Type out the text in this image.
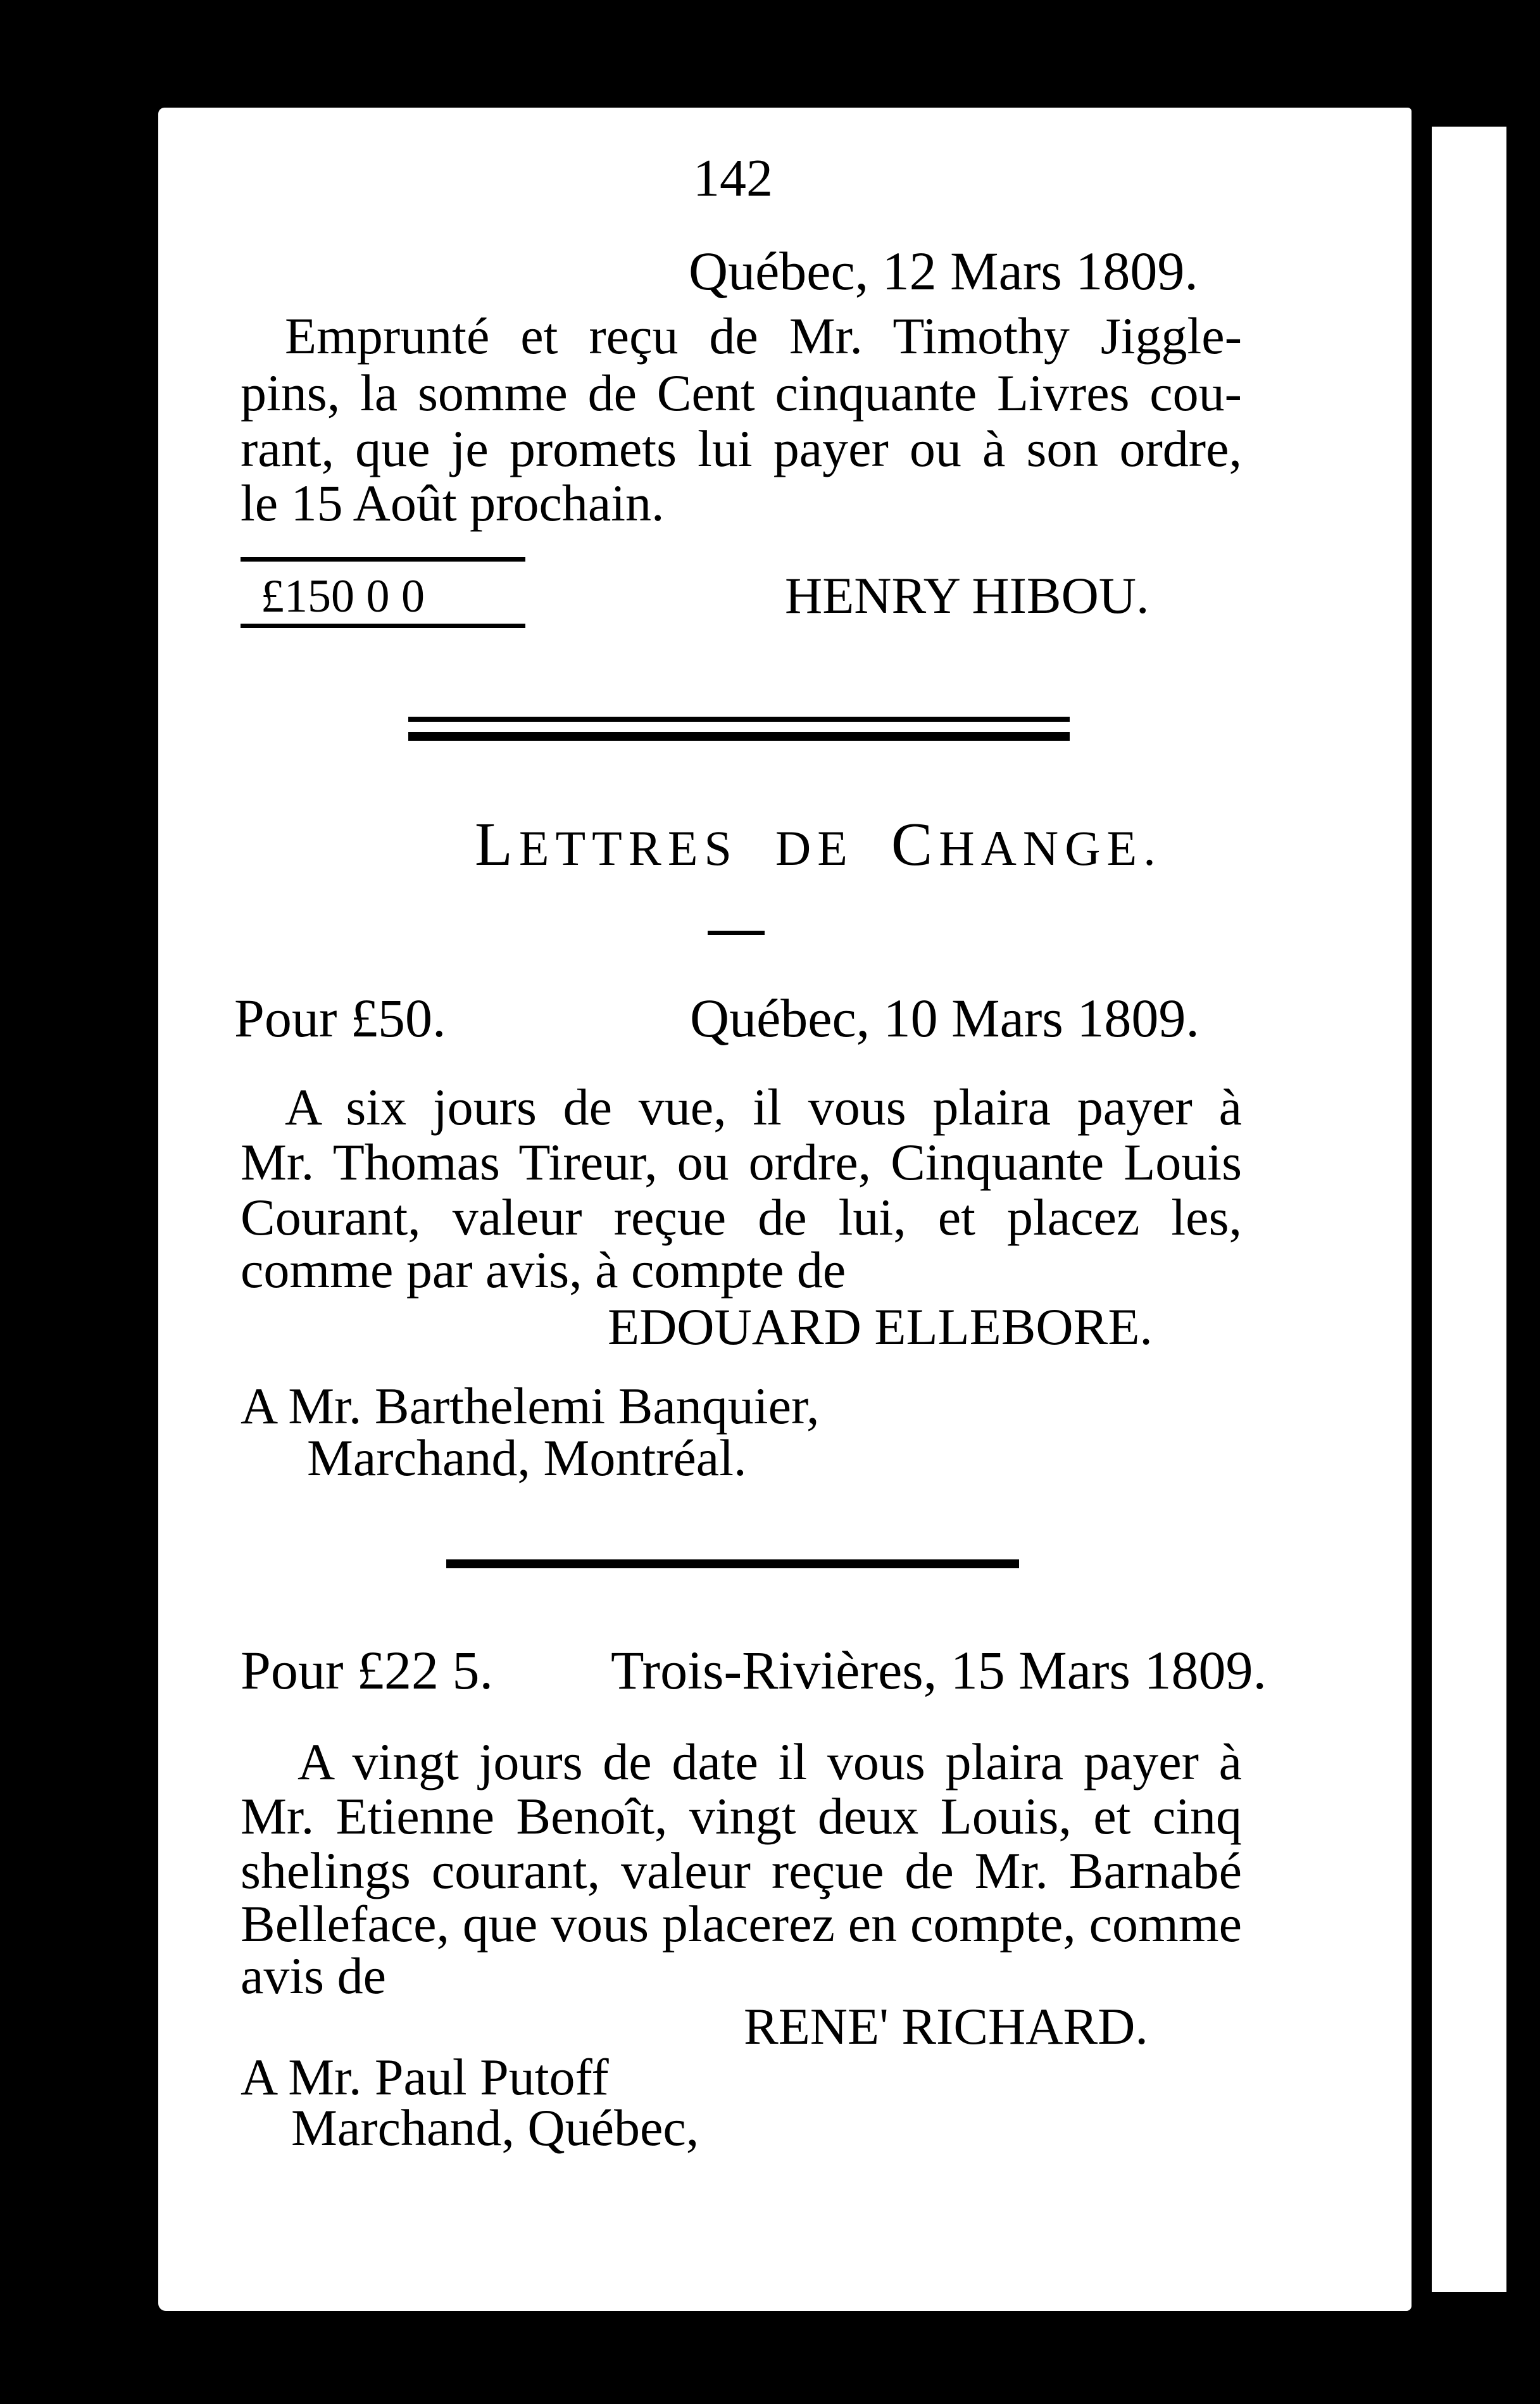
142
Québec, 12 Mars 1809.
Emprunté et reçu de Mr. Timothy Jiggle-
pins, la somme de Cent cinquante Livres cou-
rant, que je promets lui payer ou à son ordre,
le 15 Août prochain.
£150 0 0	HENRY HIBOU.
LETTRES DE CHANGE.
Pour £50.	Québec, 10 Mars 1809.
A six jours de vue, il vous plaira payer à
Mr. Thomas Tireur, ou ordre, Cinquante Louis
Courant, valeur reçue de lui, et placez les,
comme par avis, à compte de
EDOUARD ELLEBORE.
A Mr. Barthelemi Banquier,
Marchand, Montréal.
Pour £22 5. Trois-Rivières, 15 Mars 1809.
A vingt jours de date il vous plaira payer à
Mr. Etienne Benoît, vingt deux Louis, et cinq
shelings courant, valeur reçue de Mr. Barnabé
Belleface, que vous placerez en compte, comme
avis de
RENE' RICHARD.
A Mr. Paul Putoff
Marchand, Québec,
